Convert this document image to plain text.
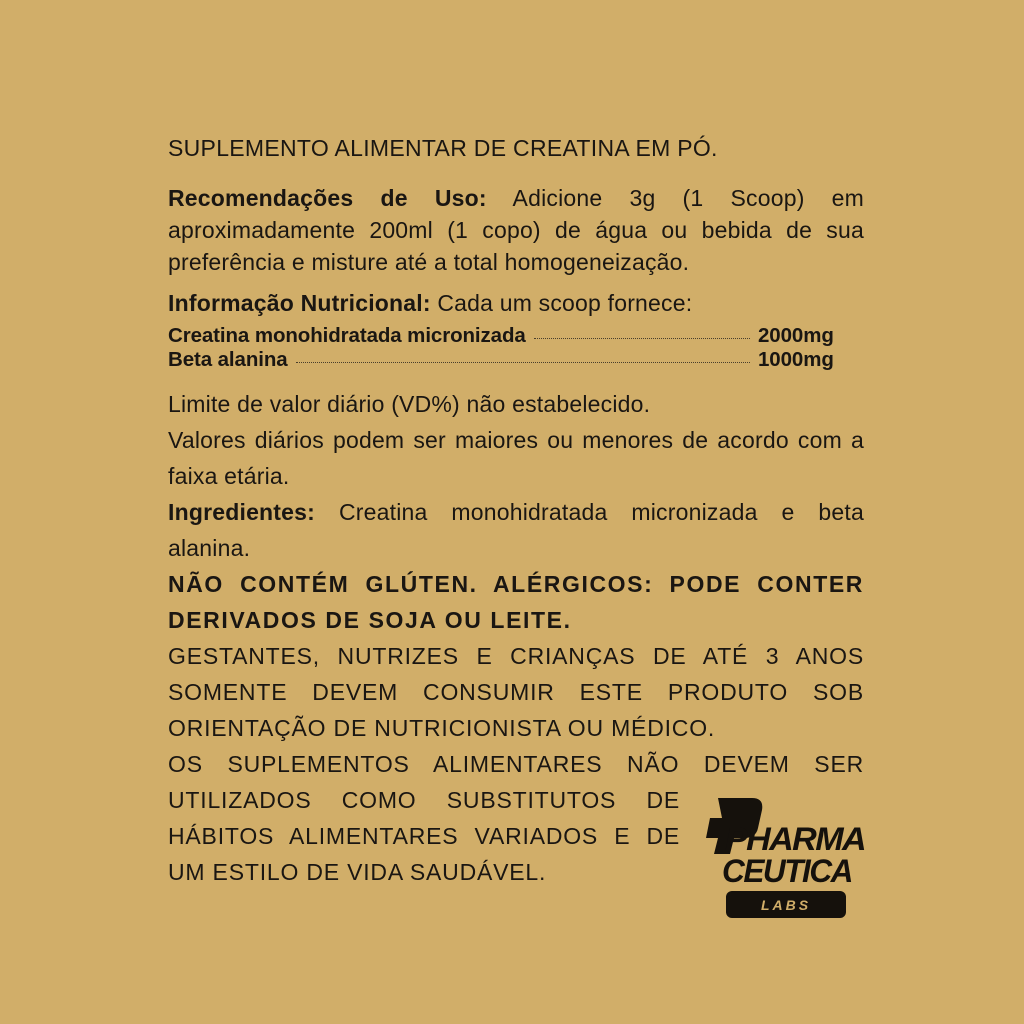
SUPLEMENTO ALIMENTAR DE CREATINA EM PÓ.

Recomendações de Uso: Adicione 3g (1 Scoop) em aproximadamente 200ml (1 copo) de água ou bebida de sua preferência e misture até a total homogeneização.

Informação Nutricional: Cada um scoop fornece:

Creatina monohidratada micronizada	2000mg
Beta alanina	1000mg

Limite de valor diário (VD%) não estabelecido.

Valores diários podem ser maiores ou menores de acordo com a faixa etária.

Ingredientes: Creatina monohidratada micronizada e beta alanina.

NÃO CONTÉM GLÚTEN. ALÉRGICOS: PODE CONTER DERIVADOS DE SOJA OU LEITE.

GESTANTES, NUTRIZES E CRIANÇAS DE ATÉ 3 ANOS SOMENTE DEVEM CONSUMIR ESTE PRODUTO SOB ORIENTAÇÃO DE NUTRICIONISTA OU MÉDICO.

OS SUPLEMENTOS ALIMENTARES NÃO DEVEM SER
UTILIZADOS COMO SUBSTITUTOS DE
HÁBITOS ALIMENTARES VARIADOS E DE
UM ESTILO DE VIDA SAUDÁVEL.
PHARMA
CEUTICA
LABS
